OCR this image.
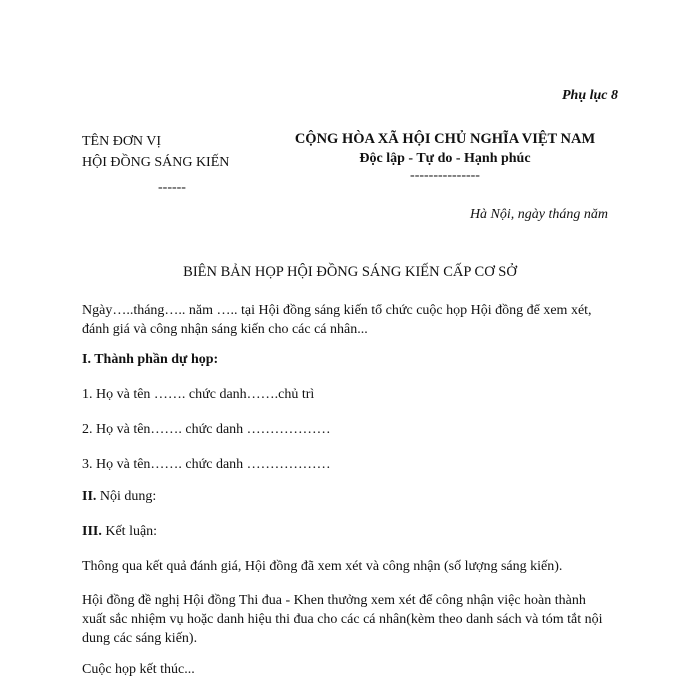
Phụ lục 8
TÊN ĐƠN VỊ
HỘI ĐỒNG SÁNG KIẾN
------
CỘNG HÒA XÃ HỘI CHỦ NGHĨA VIỆT NAM
Độc lập - Tự do - Hạnh phúc
---------------
Hà Nội, ngày tháng năm
BIÊN BẢN HỌP HỘI ĐỒNG SÁNG KIẾN CẤP CƠ SỞ
Ngày…..tháng….. năm ….. tại Hội đồng sáng kiến tổ chức cuộc họp Hội đồng để xem xét, đánh giá và công nhận sáng kiến cho các cá nhân...
I. Thành phần dự họp:
1. Họ và tên ……. chức danh…….chủ trì
2. Họ và tên……. chức danh ………………
3. Họ và tên……. chức danh ………………
II. Nội dung:
III. Kết luận:
Thông qua kết quả đánh giá, Hội đồng đã xem xét và công nhận (số lượng sáng kiến).
Hội đồng đề nghị Hội đồng Thi đua - Khen thưởng xem xét để công nhận việc hoàn thành xuất sắc nhiệm vụ hoặc danh hiệu thi đua cho các cá nhân(kèm theo danh sách và tóm tắt nội dung các sáng kiến).
Cuộc họp kết thúc...
